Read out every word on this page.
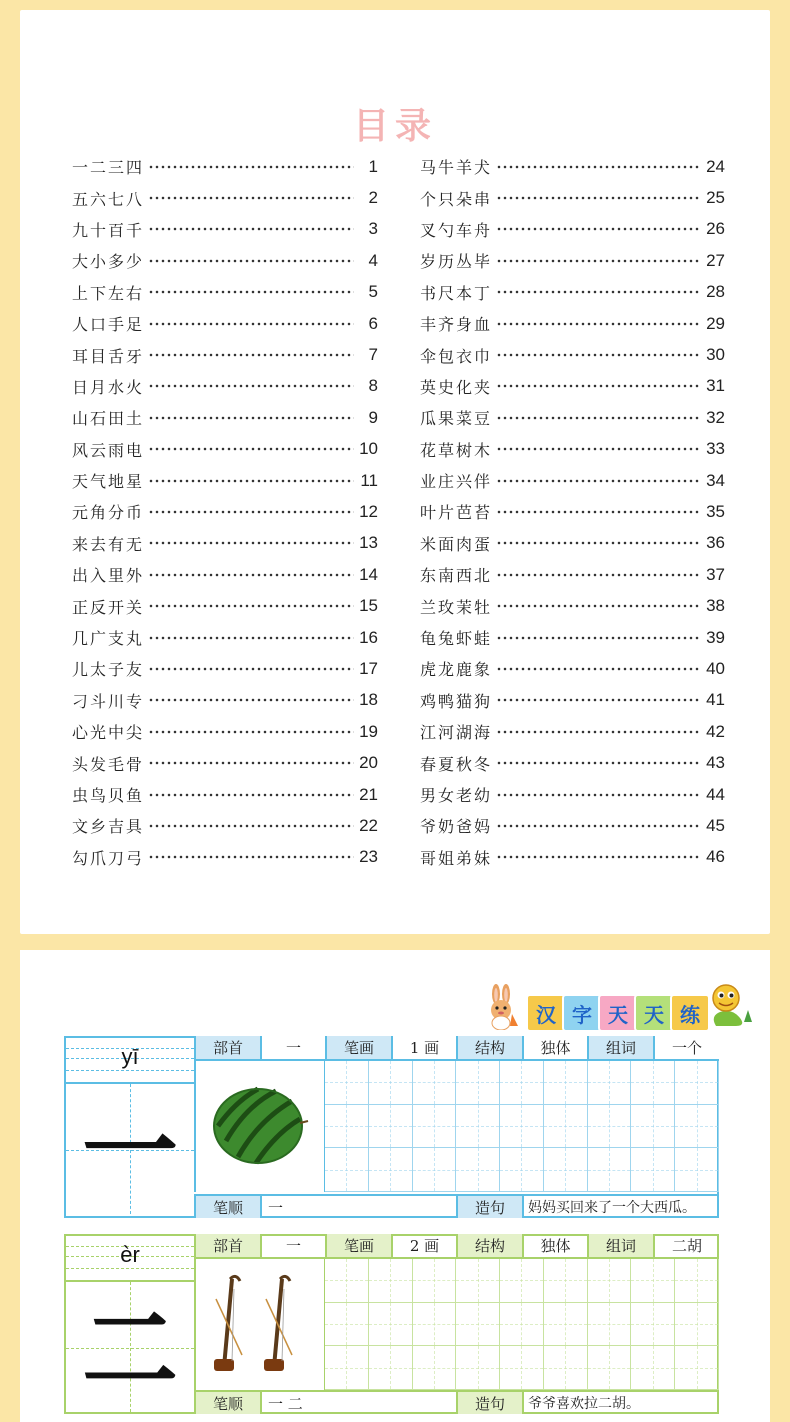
目录
一二三四	1
五六七八	2
九十百千	3
大小多少	4
上下左右	5
人口手足	6
耳目舌牙	7
日月水火	8
山石田土	9
风云雨电	10
天气地星	11
元角分币	12
来去有无	13
出入里外	14
正反开关	15
几广支丸	16
儿太子友	17
刁斗川专	18
心光中尖	19
头发毛骨	20
虫鸟贝鱼	21
文乡吉具	22
勾爪刀弓	23
马牛羊犬	24
个只朵串	25
叉勺车舟	26
岁历丛毕	27
书尺本丁	28
丰齐身血	29
伞包衣巾	30
英史化夹	31
瓜果菜豆	32
花草树木	33
业庄兴伴	34
叶片芭苔	35
米面肉蛋	36
东南西北	37
兰玫茉牡	38
龟兔虾蛙	39
虎龙鹿象	40
鸡鸭猫狗	41
江河湖海	42
春夏秋冬	43
男女老幼	44
爷奶爸妈	45
哥姐弟妹	46
汉 字 天 天 练
yī
一
部首	一	笔画	1 画	结构	独体	组词	一个
笔顺	一	造句	妈妈买回来了一个大西瓜。
èr
二
部首	一	笔画	2 画	结构	独体	组词	二胡
笔顺	一 二	造句	爷爷喜欢拉二胡。
